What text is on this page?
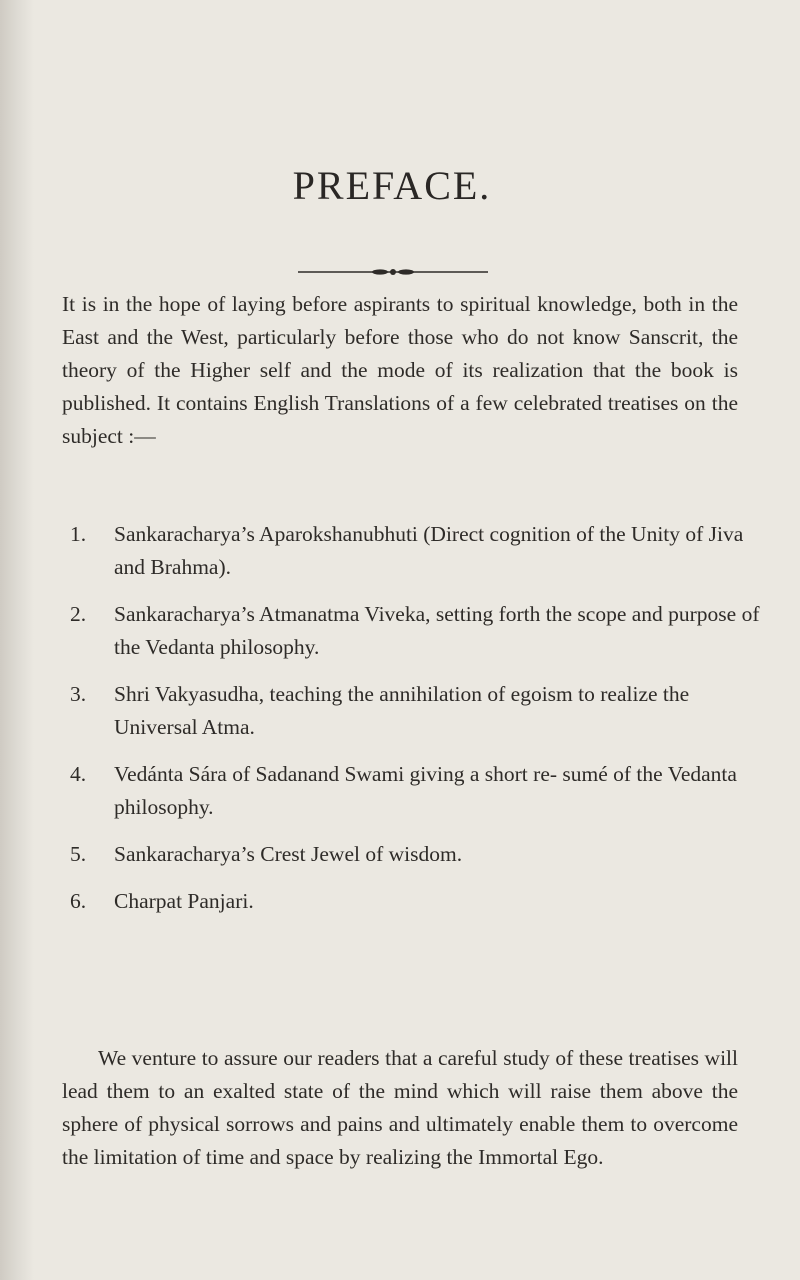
PREFACE.

It is in the hope of laying before aspirants to spiritual knowledge, both in the East and the West, particularly before those who do not know Sanscrit, the theory of the Higher self and the mode of its realization that the book is published. It contains English Translations of a few celebrated treatises on the subject :—

1. Sankaracharya’s Aparokshanubhuti (Direct cognition of the Unity of Jiva and Brahma).
2. Sankaracharya’s Atmanatma Viveka, setting forth the scope and purpose of the Vedanta philosophy.
3. Shri Vakyasudha, teaching the annihilation of egoism to realize the Universal Atma.
4. Vedánta Sára of Sadanand Swami giving a short re- sumé of the Vedanta philosophy.
5. Sankaracharya’s Crest Jewel of wisdom.
6. Charpat Panjari.

We venture to assure our readers that a careful study of these treatises will lead them to an exalted state of the mind which will raise them above the sphere of physical sorrows and pains and ultimately enable them to overcome the limitation of time and space by realizing the Immortal Ego.
